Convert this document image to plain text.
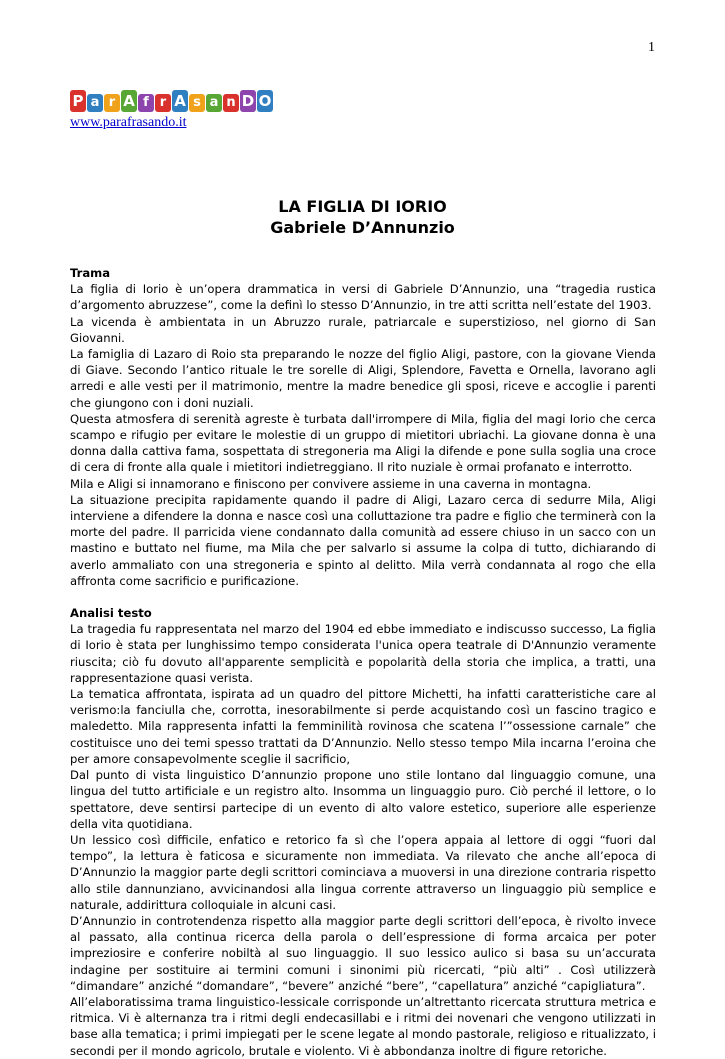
1
P a r A f r A s a n D O
www.parafrasando.it
LA FIGLIA DI IORIO
Gabriele D’Annunzio
Trama

La figlia di Iorio è un’opera drammatica in versi di Gabriele D’Annunzio, una “tragedia rustica d’argomento abruzzese”, come la definì lo stesso D’Annunzio, in tre atti scritta nell’estate del 1903.

La vicenda è ambientata in un Abruzzo rurale, patriarcale e superstizioso, nel giorno di San Giovanni.

La famiglia di Lazaro di Roio sta preparando le nozze del figlio Aligi, pastore, con la giovane Vienda di Giave. Secondo l’antico rituale le tre sorelle di Aligi, Splendore, Favetta e Ornella, lavorano agli arredi e alle vesti per il matrimonio, mentre la madre benedice gli sposi, riceve e accoglie i parenti che giungono con i doni nuziali.

Questa atmosfera di serenità agreste è turbata dall'irrompere di Mila, figlia del magi Iorio che cerca scampo e rifugio per evitare le molestie di un gruppo di mietitori ubriachi. La giovane donna è una donna dalla cattiva fama, sospettata di stregoneria ma Aligi la difende e pone sulla soglia una croce di cera di fronte alla quale i mietitori indietreggiano. Il rito nuziale è ormai profanato e interrotto.

Mila e Aligi si innamorano e finiscono per convivere assieme in una caverna in montagna.

La situazione precipita rapidamente quando il padre di Aligi, Lazaro cerca di sedurre Mila, Aligi interviene a difendere la donna e nasce così una colluttazione tra padre e figlio che terminerà con la morte del padre. Il parricida viene condannato dalla comunità ad essere chiuso in un sacco con un mastino e buttato nel fiume, ma Mila che per salvarlo si assume la colpa di tutto, dichiarando di averlo ammaliato con una stregoneria e spinto al delitto. Mila verrà condannata al rogo che ella affronta come sacrificio e purificazione.

Analisi testo

La tragedia fu rappresentata nel marzo del 1904 ed ebbe immediato e indiscusso successo, La figlia di Iorio è stata per lunghissimo tempo considerata l'unica opera teatrale di D'Annunzio veramente riuscita; ciò fu dovuto all'apparente semplicità e popolarità della storia che implica, a tratti, una rappresentazione quasi verista.

La tematica affrontata, ispirata ad un quadro del pittore Michetti, ha infatti caratteristiche care al verismo:la fanciulla che, corrotta, inesorabilmente si perde acquistando così un fascino tragico e maledetto. Mila rappresenta infatti la femminilità rovinosa che scatena l’”ossessione carnale” che costituisce uno dei temi spesso trattati da D’Annunzio. Nello stesso tempo Mila incarna l’eroina che per amore consapevolmente sceglie il sacrificio,

Dal punto di vista linguistico D’annunzio propone uno stile lontano dal linguaggio comune, una lingua del tutto artificiale e un registro alto. Insomma un linguaggio puro. Ciò perché il lettore, o lo spettatore, deve sentirsi partecipe di un evento di alto valore estetico, superiore alle esperienze della vita quotidiana.

Un lessico così difficile, enfatico e retorico fa sì che l’opera appaia al lettore di oggi “fuori dal tempo”, la lettura è faticosa e sicuramente non immediata. Va rilevato che anche all’epoca di D’Annunzio la maggior parte degli scrittori cominciava a muoversi in una direzione contraria rispetto allo stile dannunziano, avvicinandosi alla lingua corrente attraverso un linguaggio più semplice e naturale, addirittura colloquiale in alcuni casi.

D’Annunzio in controtendenza rispetto alla maggior parte degli scrittori dell’epoca, è rivolto invece al passato, alla continua ricerca della parola o dell’espressione di forma arcaica per poter impreziosire e conferire nobiltà al suo linguaggio. Il suo lessico aulico si basa su un’accurata indagine per sostituire ai termini comuni i sinonimi più ricercati, “più alti” . Così utilizzerà “dimandare” anziché “domandare”, “bevere” anziché “bere”, “capellatura” anziché “capigliatura”.

All’elaboratissima trama linguistico-lessicale corrisponde un’altrettanto ricercata struttura metrica e ritmica. Vi è alternanza tra i ritmi degli endecasillabi e i ritmi dei novenari che vengono utilizzati in base alla tematica; i primi impiegati per le scene legate al mondo pastorale, religioso e ritualizzato, i secondi per il mondo agricolo, brutale e violento. Vi è abbondanza inoltre di figure retoriche.
